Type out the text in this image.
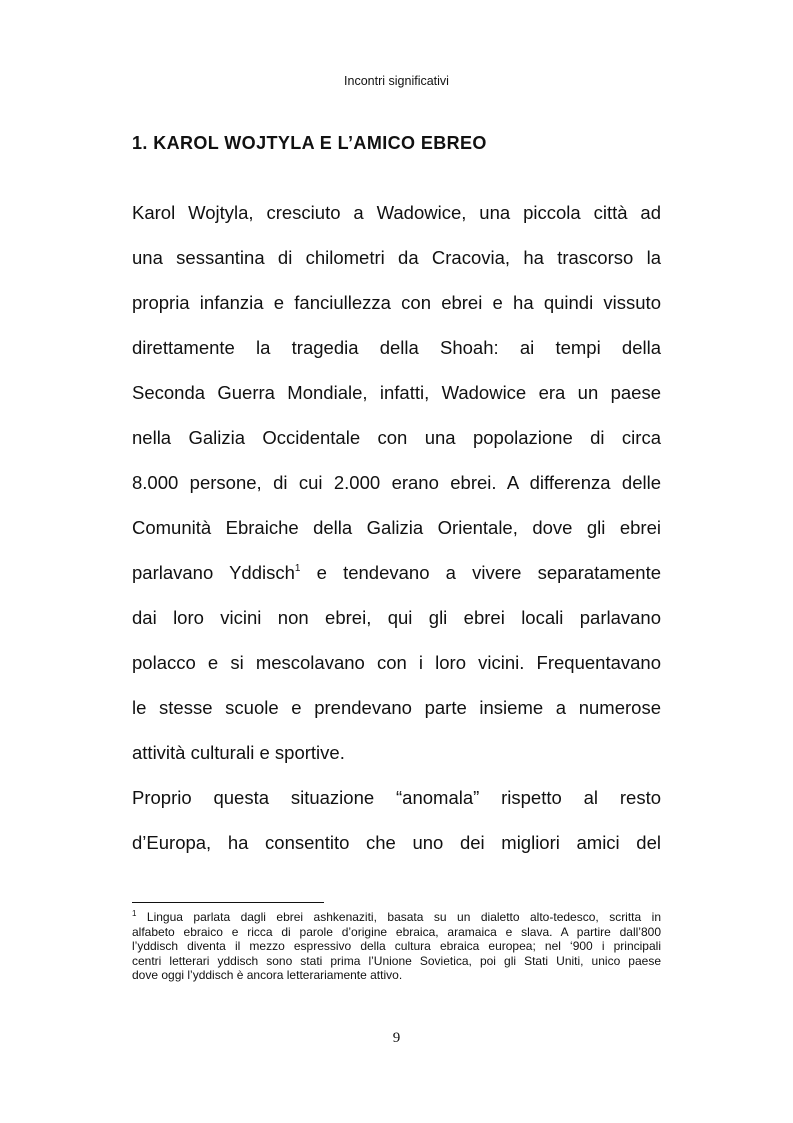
Incontri significativi
1. KAROL WOJTYLA E L’AMICO EBREO

Karol Wojtyla, cresciuto a Wadowice, una piccola città ad
una sessantina di chilometri da Cracovia, ha trascorso la
propria infanzia e fanciullezza con ebrei e ha quindi vissuto
direttamente la tragedia della Shoah: ai tempi della
Seconda Guerra Mondiale, infatti, Wadowice era un paese
nella Galizia Occidentale con una popolazione di circa
8.000 persone, di cui 2.000 erano ebrei. A differenza delle
Comunità Ebraiche della Galizia Orientale, dove gli ebrei
parlavano Yddisch$^1$ e tendevano a vivere separatamente
dai loro vicini non ebrei, qui gli ebrei locali parlavano
polacco e si mescolavano con i loro vicini. Frequentavano
le stesse scuole e prendevano parte insieme a numerose
attività culturali e sportive.
Proprio questa situazione “anomala” rispetto al resto
d’Europa, ha consentito che uno dei migliori amici del

$^1$ Lingua parlata dagli ebrei ashkenaziti, basata su un dialetto alto-tedesco, scritta in
alfabeto ebraico e ricca di parole d’origine ebraica, aramaica e slava. A partire dall’800
l’yddisch diventa il mezzo espressivo della cultura ebraica europea; nel ‘900 i principali
centri letterari yddisch sono stati prima l’Unione Sovietica, poi gli Stati Uniti, unico paese
dove oggi l’yddisch è ancora letterariamente attivo.
9
